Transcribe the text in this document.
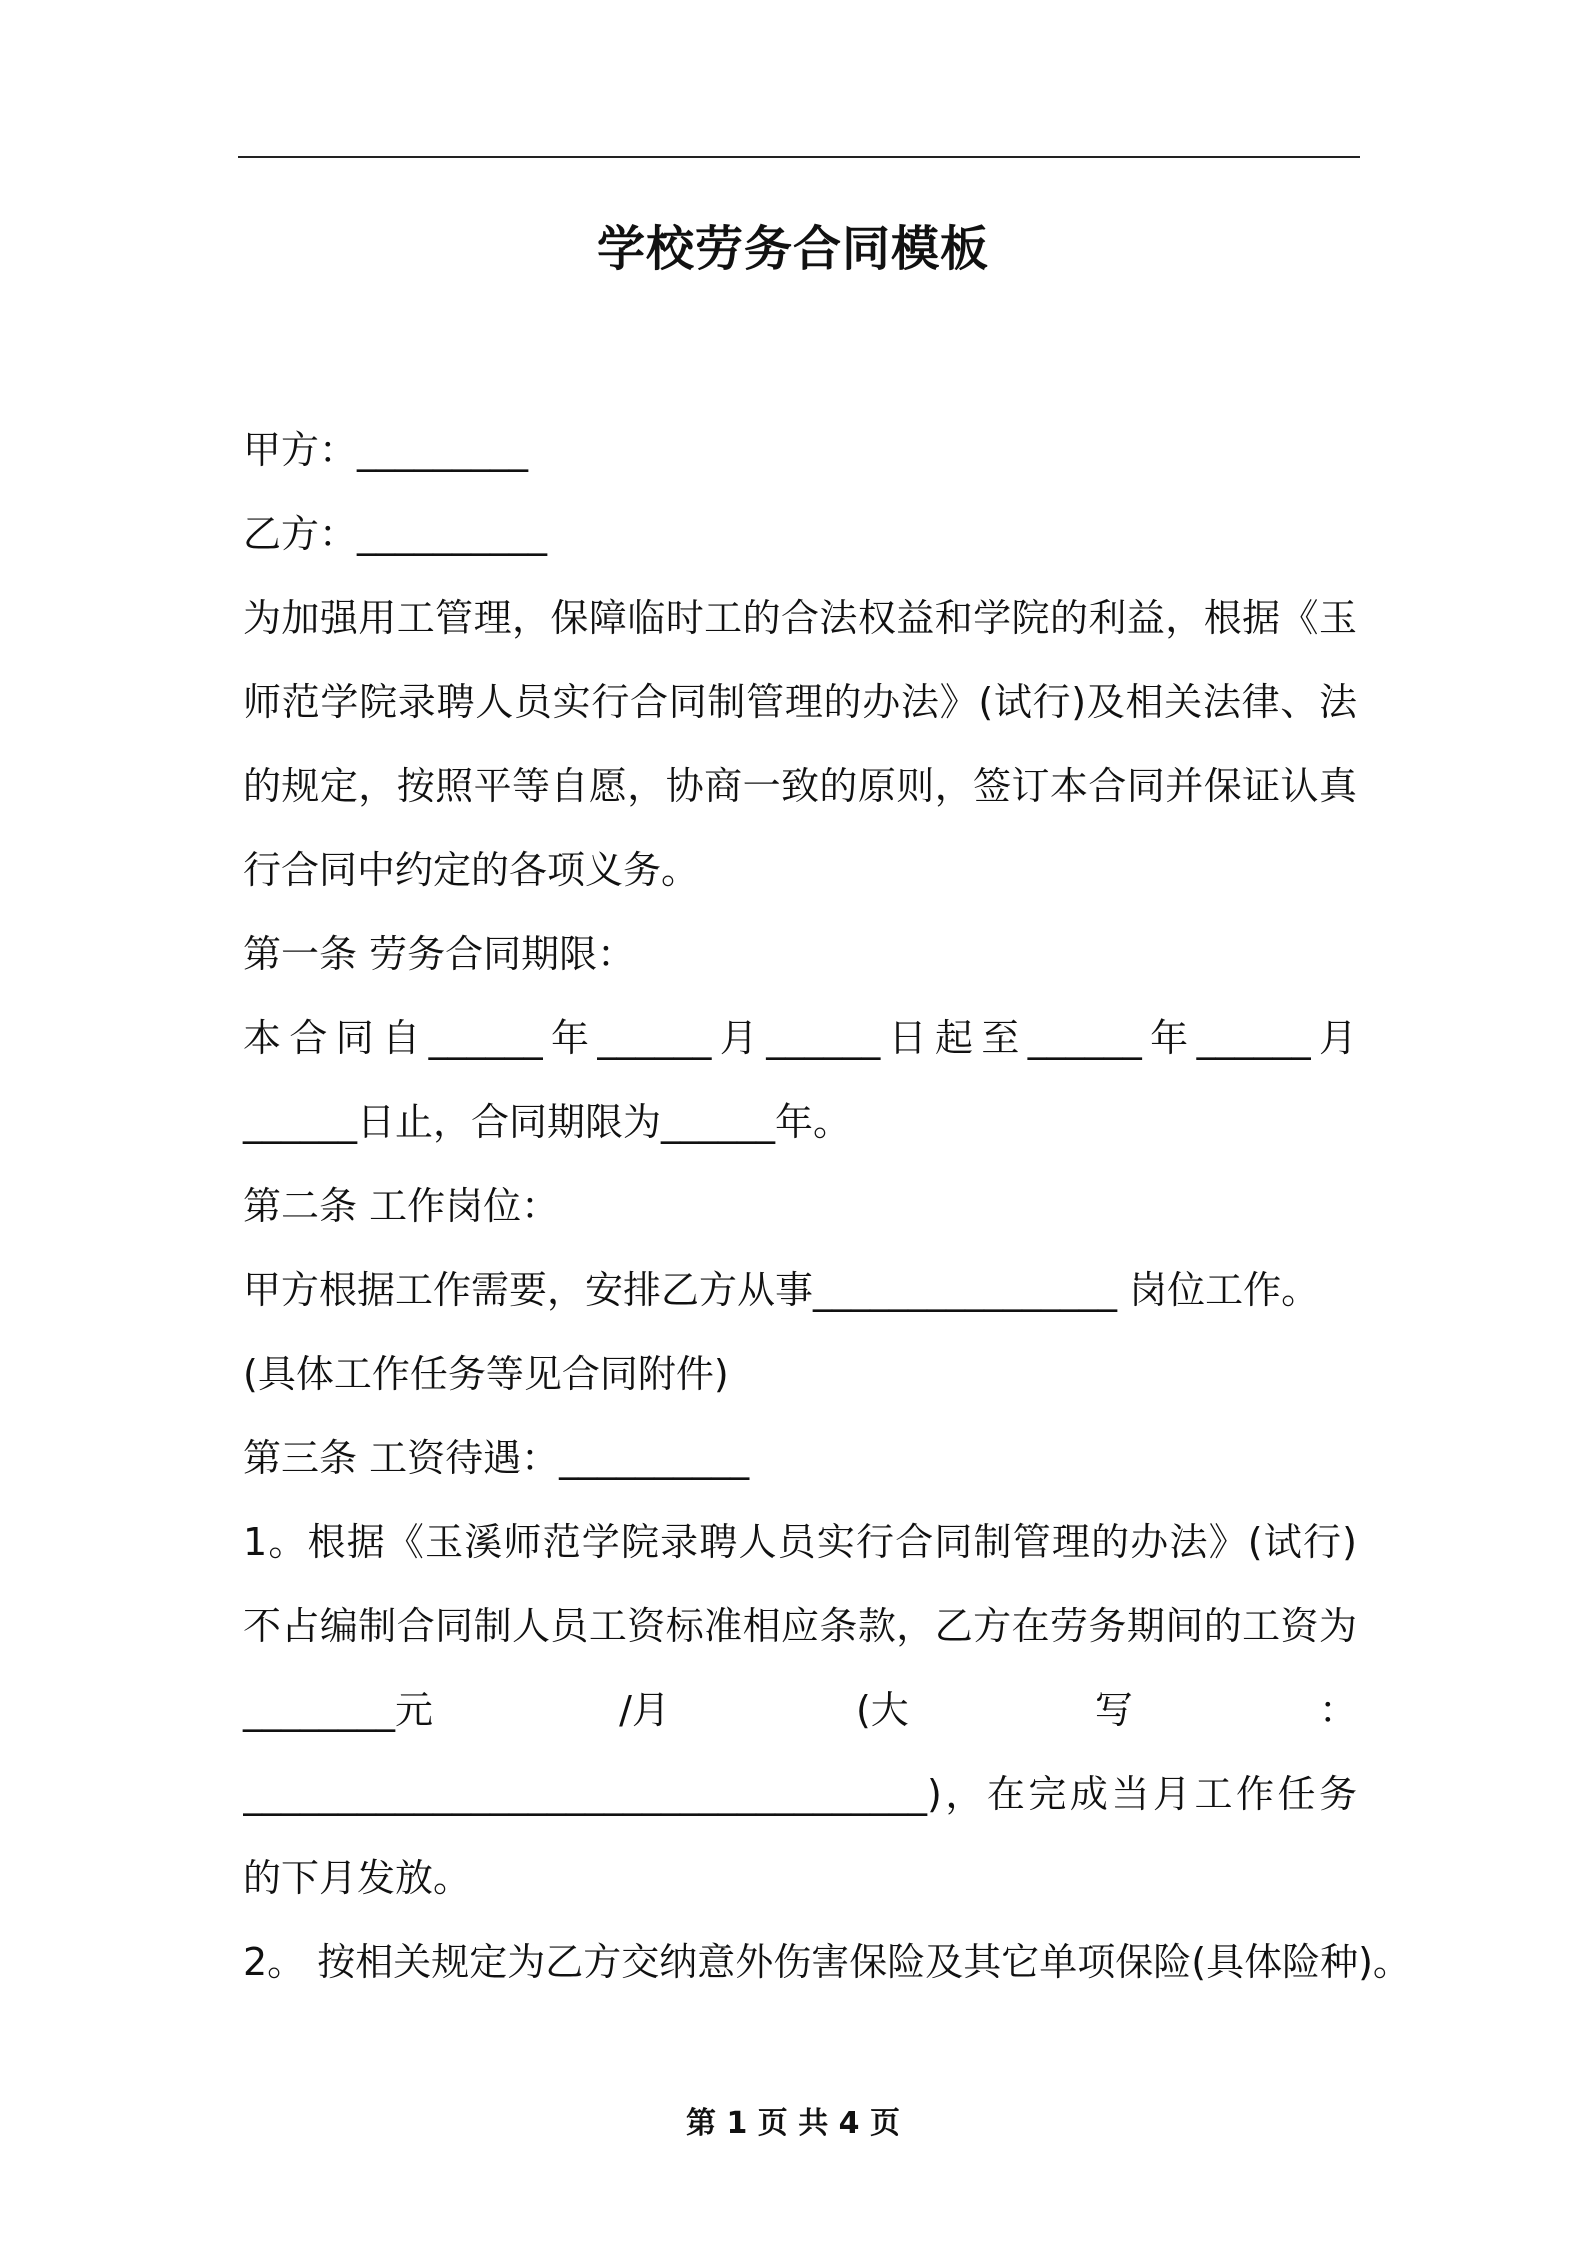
学校劳务合同模板
甲方：_________
乙方：__________
为加强用工管理，保障临时工的合法权益和学院的利益，根据《玉
师范学院录聘人员实行合同制管理的办法》(试行)及相关法律、法
的规定，按照平等自愿，协商一致的原则，签订本合同并保证认真
行合同中约定的各项义务。
第一条 劳务合同期限：
本合同自______年______月______日起至______年______月
______日止，合同期限为______年。
第二条 工作岗位：
甲方根据工作需要，安排乙方从事________________ 岗位工作。
(具体工作任务等见合同附件)
第三条 工资待遇：__________
1。根据《玉溪师范学院录聘人员实行合同制管理的办法》(试行)
不占编制合同制人员工资标准相应条款，乙方在劳务期间的工资为
________元	/月	(大	写	：
____________________________________)，在完成当月工作任务
的下月发放。
2。 按相关规定为乙方交纳意外伤害保险及其它单项保险(具体险种)。
第 1 页 共 4 页
